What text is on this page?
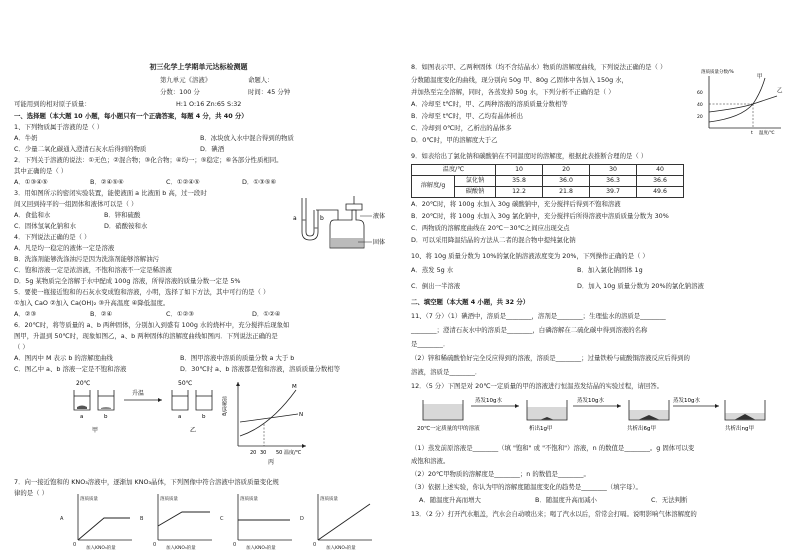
初三化学上学期单元达标检测题
第九单元《溶液》	命题人：
分数：100 分	时间：45 分钟
可能用到的相对原子质量：	H:1 O:16 Zn:65 S:32
一、选择题（本大题 10 小题，每小题只有一个正确答案，每题 4 分，共 40 分）
1、下列物质属于溶液的是（ ）
A．牛奶	B．冰块放入水中混合得到的物质
C．少量二氧化碳通入澄清石灰水后得到的物质	D．碘酒
2．下列关于溶液的说法：①无色；②混合物；③化合物；④均一；⑤稳定；⑥各部分性质相同。
其中正确的是（ ）
A．①③④⑤	B．②④⑤⑥	C．①②④⑤	D．①③⑤⑥
3．用如图所示的密闭实验装置，能使液面 a 比液面 b 高，过一段时
间又回到持平的一组固体和液体可以是（ ）
A．食盐和水	B．锌和硫酸
C．固体氢氧化钠和水	D．硝酸铵和水
a	b	液体
固体
4．下列说法正确的是（ ）
A．凡是均一稳定的液体一定是溶液
B．洗涤剂能够洗涤油污是因为洗涤剂能够溶解油污
C．饱和溶液一定是浓溶液，不饱和溶液不一定是稀溶液
D．5g 某物质完全溶解于水中配成 100g 溶液，所得溶液的质量分数一定是 5%
5．要使一瓶接近饱和的石灰水变成饱和溶液，小明，选择了如下方法，其中可行的是（ ）
①加入 CaO ②加入 Ca(OH)₂ ③升高温度 ④降低温度。
A．②③	B．②④	C．①②③	D．①②④
6．20℃时，将等质量的 a、b 两种固体，分别加入到盛有 100g 水的烧杯中，充分搅拌后现象如
图甲，升温到 50℃时，现象如图乙，a、b 两种固体的溶解度曲线如图丙．下列说法正确的是
（ ）
A．图丙中 M 表示 b 的溶解度曲线	B．图甲溶液中溶质的质量分数 a 大于 b
C．图乙中 a、b 溶液一定是不饱和溶液	D．30℃时 a、b 溶液都是饱和溶液，溶质质量分数相等
20℃	50℃
a	b	a	b
升温
甲	乙
溶解度/g
M
N
20 30 50 温度/℃
丙
7．向一接近饱和的 KNO₃溶液中，逐渐加 KNO₃晶体，下列图像中符合溶液中溶质质量变化规
律的是（ ）
A
溶质质量
0
加入KNO₃的量
B
溶质质量
0
加入KNO₃的量
C
溶质质量
0
加入KNO₃的量
D
溶质质量
0
加入KNO₃的量
8．如图表示甲、乙两种固体（均不含结晶水）物质的溶解度曲线，下列说法正确的是（ ）
分数随温度变化的曲线，现分别向 50g 甲、80g 乙固体中各加入 150g 水，
并加热至完全溶解，同时，各蒸发掉 50g 水，下列分析不正确的是（ ）
A．冷却至 t℃时，甲、乙两种溶液的溶质质量分数相等
B．冷却至 t℃时，甲、乙均有晶体析出
C．冷却到 0℃时，乙析出的晶体多
D．0℃时，甲的溶解度大于乙
溶质质量分数/%
60
40
20
甲
乙
t 温度/℃
9．如表给出了氯化钠和碳酸钠在不同温度时的溶解度，根据此表推断合理的是（ ）
温度/℃		10	20	30	40
溶解度/g	氯化钠	35.8	36.0	36.3	36.6
	碳酸钠	12.2	21.8	39.7	49.6
A．20℃时，将 100g 水加入 30g 碳酸钠中，充分搅拌后得到不饱和溶液
B．20℃时，将 100g 水加入 30g 氯化钠中，充分搅拌后所得溶液中溶质质量分数为 30%
C．两物质的溶解度曲线在 20℃－30℃之间应出现交点
D．可以采用降温结晶的方法从二者的混合物中提纯氯化钠
10、将 10g 质量分数为 10%的氯化钠溶液浓度变为 20%，下列操作正确的是（ ）
A．蒸发 5g 水	B．加入氯化钠固体 1g
C．倒出一半溶液	D．加入 10g 质量分数为 20%的氯化钠溶液
二、填空题（本大题 4 小题，共 32 分）
11、（7 分）（1）碘酒中，溶质是________，溶剂是________；生理盐水的溶质是________
________；澄清石灰水中的溶质是________，白磷溶解在二硫化碳中得到溶液的名称
是________．
（2）锌和稀硫酸恰好完全反应得到的溶液，溶质是________；过量铁粉与硫酸铜溶液反应后得到的
溶液，溶质是________．
12．（5 分）下图是对 20℃一定质量的甲的溶液进行恒温蒸发结晶的实验过程，请回答。
蒸发10g水	蒸发10g水	蒸发10g水
20℃一定质量的甲的溶液	析出1g甲	共析出6g甲	共析出ng甲
（1）蒸发前原溶液是________（填 "饱和" 或 "不饱和"）溶液，n 的数值是________。g 固体可以变
成饱和溶液。
（2）20℃甲物质的溶解度是________；n 的数值是________。
（3）依据上述实验，你认为甲的溶解度随温度变化的趋势是________（填字母）。
A．随温度升高而增大	B．随温度升高而减小	C．无法判断
13．（2 分）打开汽水瓶盖，汽水会自动喷出来；喝了汽水以后，常常会打嗝。说明影响气体溶解度的
